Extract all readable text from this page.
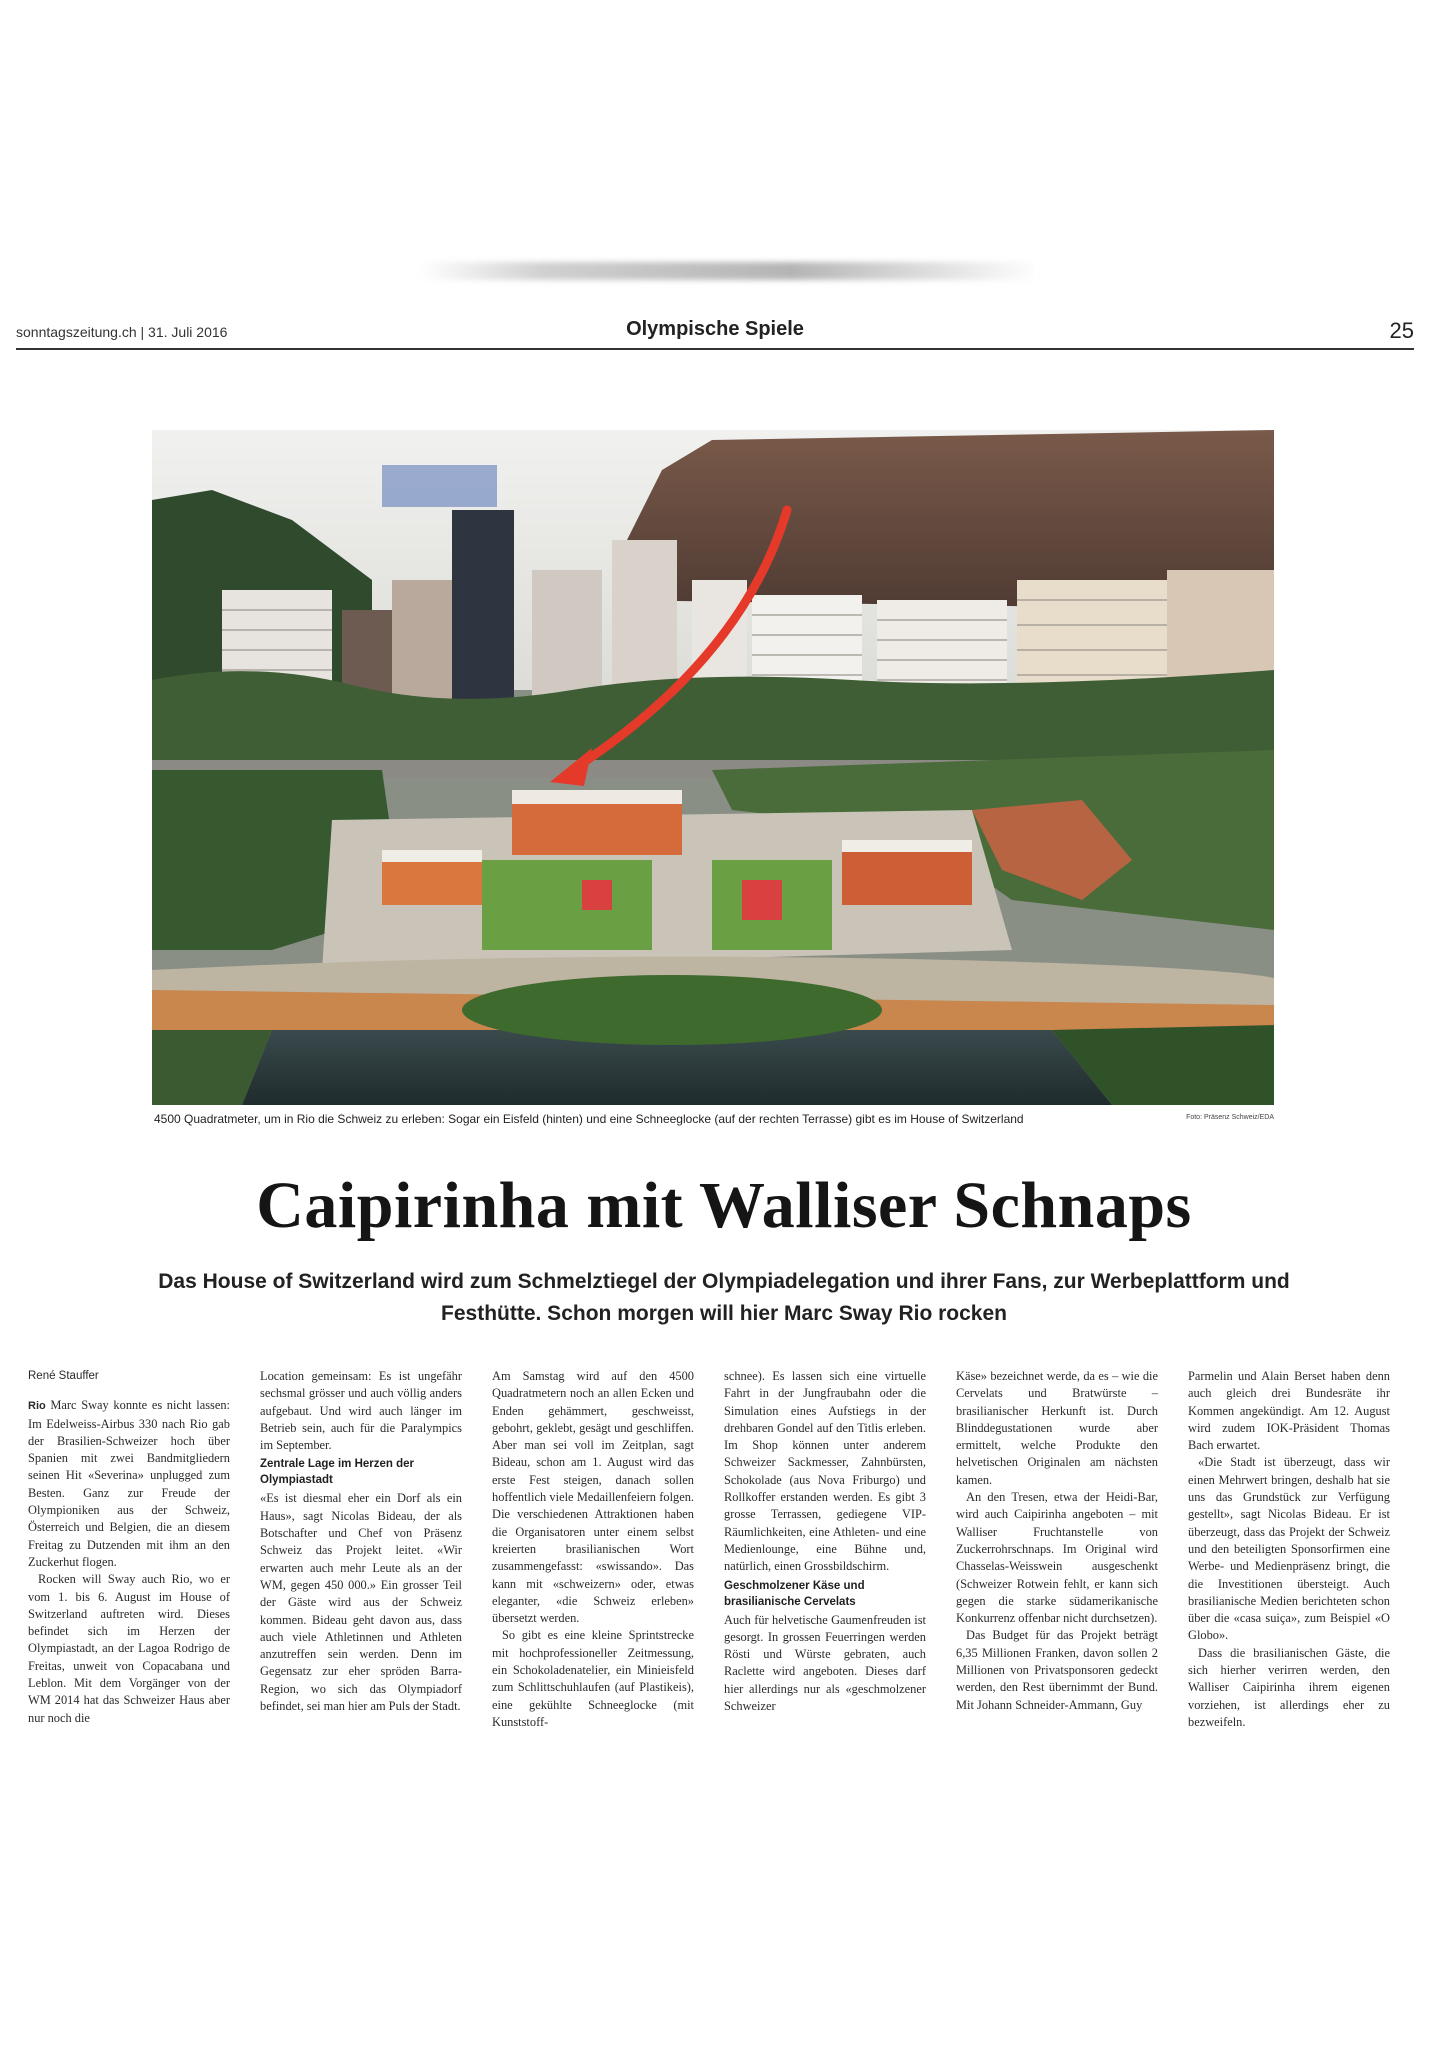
sonntagszeitung.ch | 31. Juli 2016	Olympische Spiele	25
4500 Quadratmeter, um in Rio die Schweiz zu erleben: Sogar ein Eisfeld (hinten) und eine Schneeglocke (auf der rechten Terrasse) gibt es im House of Switzerland	Foto: Präsenz Schweiz/EDA
Caipirinha mit Walliser Schnaps
Das House of Switzerland wird zum Schmelztiegel der Olympiadelegation und ihrer Fans, zur Werbeplattform und Festhütte. Schon morgen will hier Marc Sway Rio rocken

René Stauffer

Rio Marc Sway konnte es nicht lassen: Im Edelweiss-Airbus 330 nach Rio gab der Brasilien-Schweizer hoch über Spanien mit zwei Bandmitgliedern seinen Hit «Severina» unplugged zum Besten. Ganz zur Freude der Olympioniken aus der Schweiz, Österreich und Belgien, die an diesem Freitag zu Dutzenden mit ihm an den Zuckerhut flogen.

Rocken will Sway auch Rio, wo er vom 1. bis 6. August im House of Switzerland auftreten wird. Dieses befindet sich im Herzen der Olympiastadt, an der Lagoa Rodrigo de Freitas, unweit von Copacabana und Leblon. Mit dem Vorgänger von der WM 2014 hat das Schweizer Haus aber nur noch die

Location gemeinsam: Es ist ungefähr sechsmal grösser und auch völlig anders aufgebaut. Und wird auch länger im Betrieb sein, auch für die Paralympics im September.

Zentrale Lage im Herzen der Olympiastadt

«Es ist diesmal eher ein Dorf als ein Haus», sagt Nicolas Bideau, der als Botschafter und Chef von Präsenz Schweiz das Projekt leitet. «Wir erwarten auch mehr Leute als an der WM, gegen 450 000.» Ein grosser Teil der Gäste wird aus der Schweiz kommen. Bideau geht davon aus, dass auch viele Athletinnen und Athleten anzutreffen sein werden. Denn im Gegensatz zur eher spröden Barra-Region, wo sich das Olympiadorf befindet, sei man hier am Puls der Stadt.

Am Samstag wird auf den 4500 Quadratmetern noch an allen Ecken und Enden gehämmert, geschweisst, gebohrt, geklebt, gesägt und geschliffen. Aber man sei voll im Zeitplan, sagt Bideau, schon am 1. August wird das erste Fest steigen, danach sollen hoffentlich viele Medaillenfeiern folgen. Die verschiedenen Attraktionen haben die Organisatoren unter einem selbst kreierten brasilianischen Wort zusammengefasst: «swissando». Das kann mit «schweizern» oder, etwas eleganter, «die Schweiz erleben» übersetzt werden.

So gibt es eine kleine Sprintstrecke mit hochprofessioneller Zeitmessung, ein Schokoladenatelier, ein Minieisfeld zum Schlittschuhlaufen (auf Plastikeis), eine gekühlte Schneeglocke (mit Kunststoff-

schnee). Es lassen sich eine virtuelle Fahrt in der Jungfraubahn oder die Simulation eines Aufstiegs in der drehbaren Gondel auf den Titlis erleben. Im Shop können unter anderem Schweizer Sackmesser, Zahnbürsten, Schokolade (aus Nova Friburgo) und Rollkoffer erstanden werden. Es gibt 3 grosse Terrassen, gediegene VIP-Räumlichkeiten, eine Athleten- und eine Medienlounge, eine Bühne und, natürlich, einen Grossbildschirm.

Geschmolzener Käse und brasilianische Cervelats

Auch für helvetische Gaumenfreuden ist gesorgt. In grossen Feuerringen werden Rösti und Würste gebraten, auch Raclette wird angeboten. Dieses darf hier allerdings nur als «geschmolzener Schweizer

Käse» bezeichnet werde, da es – wie die Cervelats und Bratwürste – brasilianischer Herkunft ist. Durch Blinddegustationen wurde aber ermittelt, welche Produkte den helvetischen Originalen am nächsten kamen.

An den Tresen, etwa der Heidi-Bar, wird auch Caipirinha angeboten – mit Walliser Fruchtanstelle von Zuckerrohrschnaps. Im Original wird Chasselas-Weisswein ausgeschenkt (Schweizer Rotwein fehlt, er kann sich gegen die starke südamerikanische Konkurrenz offenbar nicht durchsetzen).

Das Budget für das Projekt beträgt 6,35 Millionen Franken, davon sollen 2 Millionen von Privatsponsoren gedeckt werden, den Rest übernimmt der Bund. Mit Johann Schneider-Ammann, Guy

Parmelin und Alain Berset haben denn auch gleich drei Bundesräte ihr Kommen angekündigt. Am 12. August wird zudem IOK-Präsident Thomas Bach erwartet.

«Die Stadt ist überzeugt, dass wir einen Mehrwert bringen, deshalb hat sie uns das Grundstück zur Verfügung gestellt», sagt Nicolas Bideau. Er ist überzeugt, dass das Projekt der Schweiz und den beteiligten Sponsorfirmen eine Werbe- und Medienpräsenz bringt, die die Investitionen übersteigt. Auch brasilianische Medien berichteten schon über die «casa suiça», zum Beispiel «O Globo».

Dass die brasilianischen Gäste, die sich hierher verirren werden, den Walliser Caipirinha ihrem eigenen vorziehen, ist allerdings eher zu bezweifeln.
